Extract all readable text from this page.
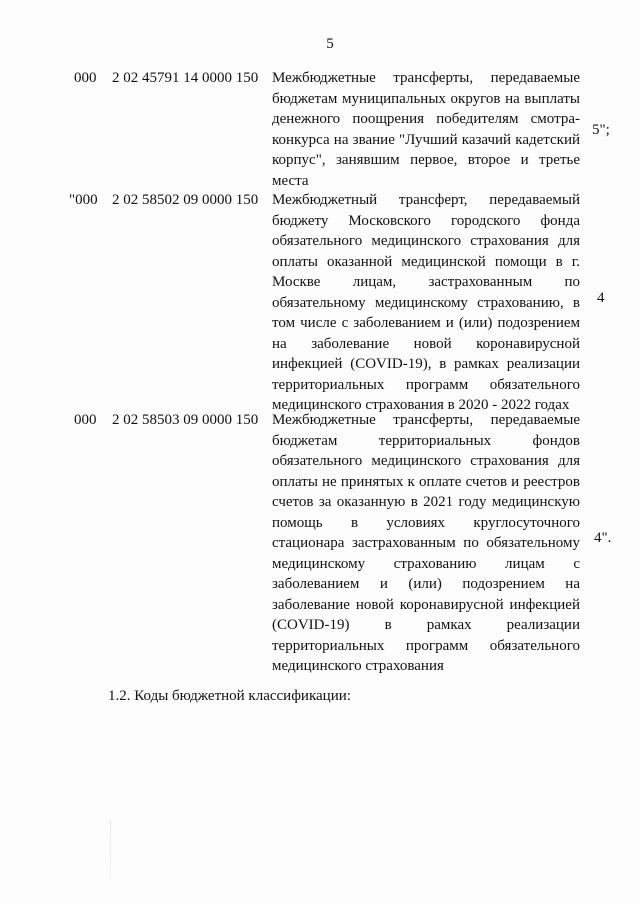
5
000 2 02 45791 14 0000 150 Межбюджетные трансферты, передаваемые бюджетам муниципальных округов на выплаты денежного поощрения победителям смотра-конкурса на звание "Лучший казачий кадетский корпус", занявшим первое, второе и третье места
5";
"000 2 02 58502 09 0000 150 Межбюджетный трансферт, передаваемый бюджету Московского городского фонда обязательного медицинского страхования для оплаты оказанной медицинской помощи в г. Москве лицам, застрахованным по обязательному медицинскому страхованию, в том числе с заболеванием и (или) подозрением на заболевание новой коронавирусной инфекцией (COVID-19), в рамках реализации территориальных программ обязательного медицинского страхования в 2020 - 2022 годах
4
000 2 02 58503 09 0000 150 Межбюджетные трансферты, передаваемые бюджетам территориальных фондов обязательного медицинского страхования для оплаты не принятых к оплате счетов и реестров счетов за оказанную в 2021 году медицинскую помощь в условиях круглосуточного стационара застрахованным по обязательному медицинскому страхованию лицам с заболеванием и (или) подозрением на заболевание новой коронавирусной инфекцией (COVID-19) в рамках реализации территориальных программ обязательного медицинского страхования
4".
1.2. Коды бюджетной классификации:
